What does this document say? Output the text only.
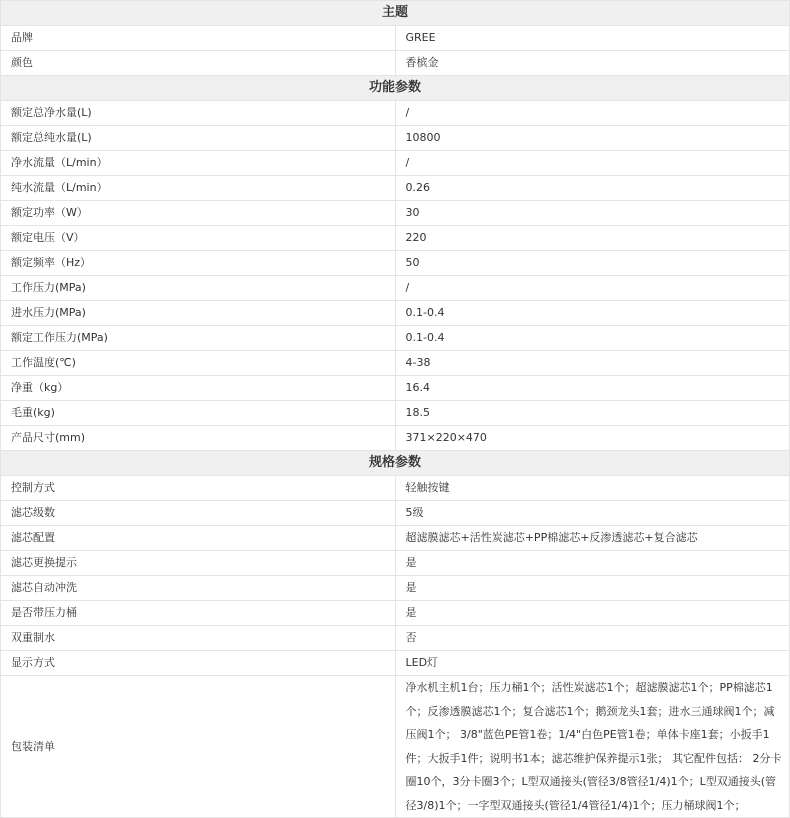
主题	
品牌	GREE
颜色	香槟金
功能参数	
额定总净水量(L)	/
额定总纯水量(L)	10800
净水流量（L/min）	/
纯水流量（L/min）	0.26
额定功率（W）	30
额定电压（V）	220
额定频率（Hz）	50
工作压力(MPa)	/
进水压力(MPa)	0.1-0.4
额定工作压力(MPa)	0.1-0.4
工作温度(℃)	4-38
净重（kg）	16.4
毛重(kg)	18.5
产品尺寸(mm)	371×220×470
规格参数	
控制方式	轻触按键
滤芯级数	5级
滤芯配置	超滤膜滤芯+活性炭滤芯+PP棉滤芯+反渗透滤芯+复合滤芯
滤芯更换提示	是
滤芯自动冲洗	是
是否带压力桶	是
双重制水	否
显示方式	LED灯
包装清单	净水机主机1台；压力桶1个；活性炭滤芯1个；超滤膜滤芯1个；PP棉滤芯1个；反渗透膜滤芯1个；复合滤芯1个；鹅颈龙头1套；进水三通球阀1个；减压阀1个； 3/8"蓝色PE管1卷；1/4"白色PE管1卷；单体卡座1套；小扳手1件；大扳手1件；说明书1本；滤芯维护保养提示1张； 其它配件包括： 2分卡圈10个，3分卡圈3个；L型双通接头(管径3/8管径1/4)1个；L型双通接头(管径3/8)1个；一字型双通接头(管径1/4管径1/4)1个；压力桶球阀1个；
